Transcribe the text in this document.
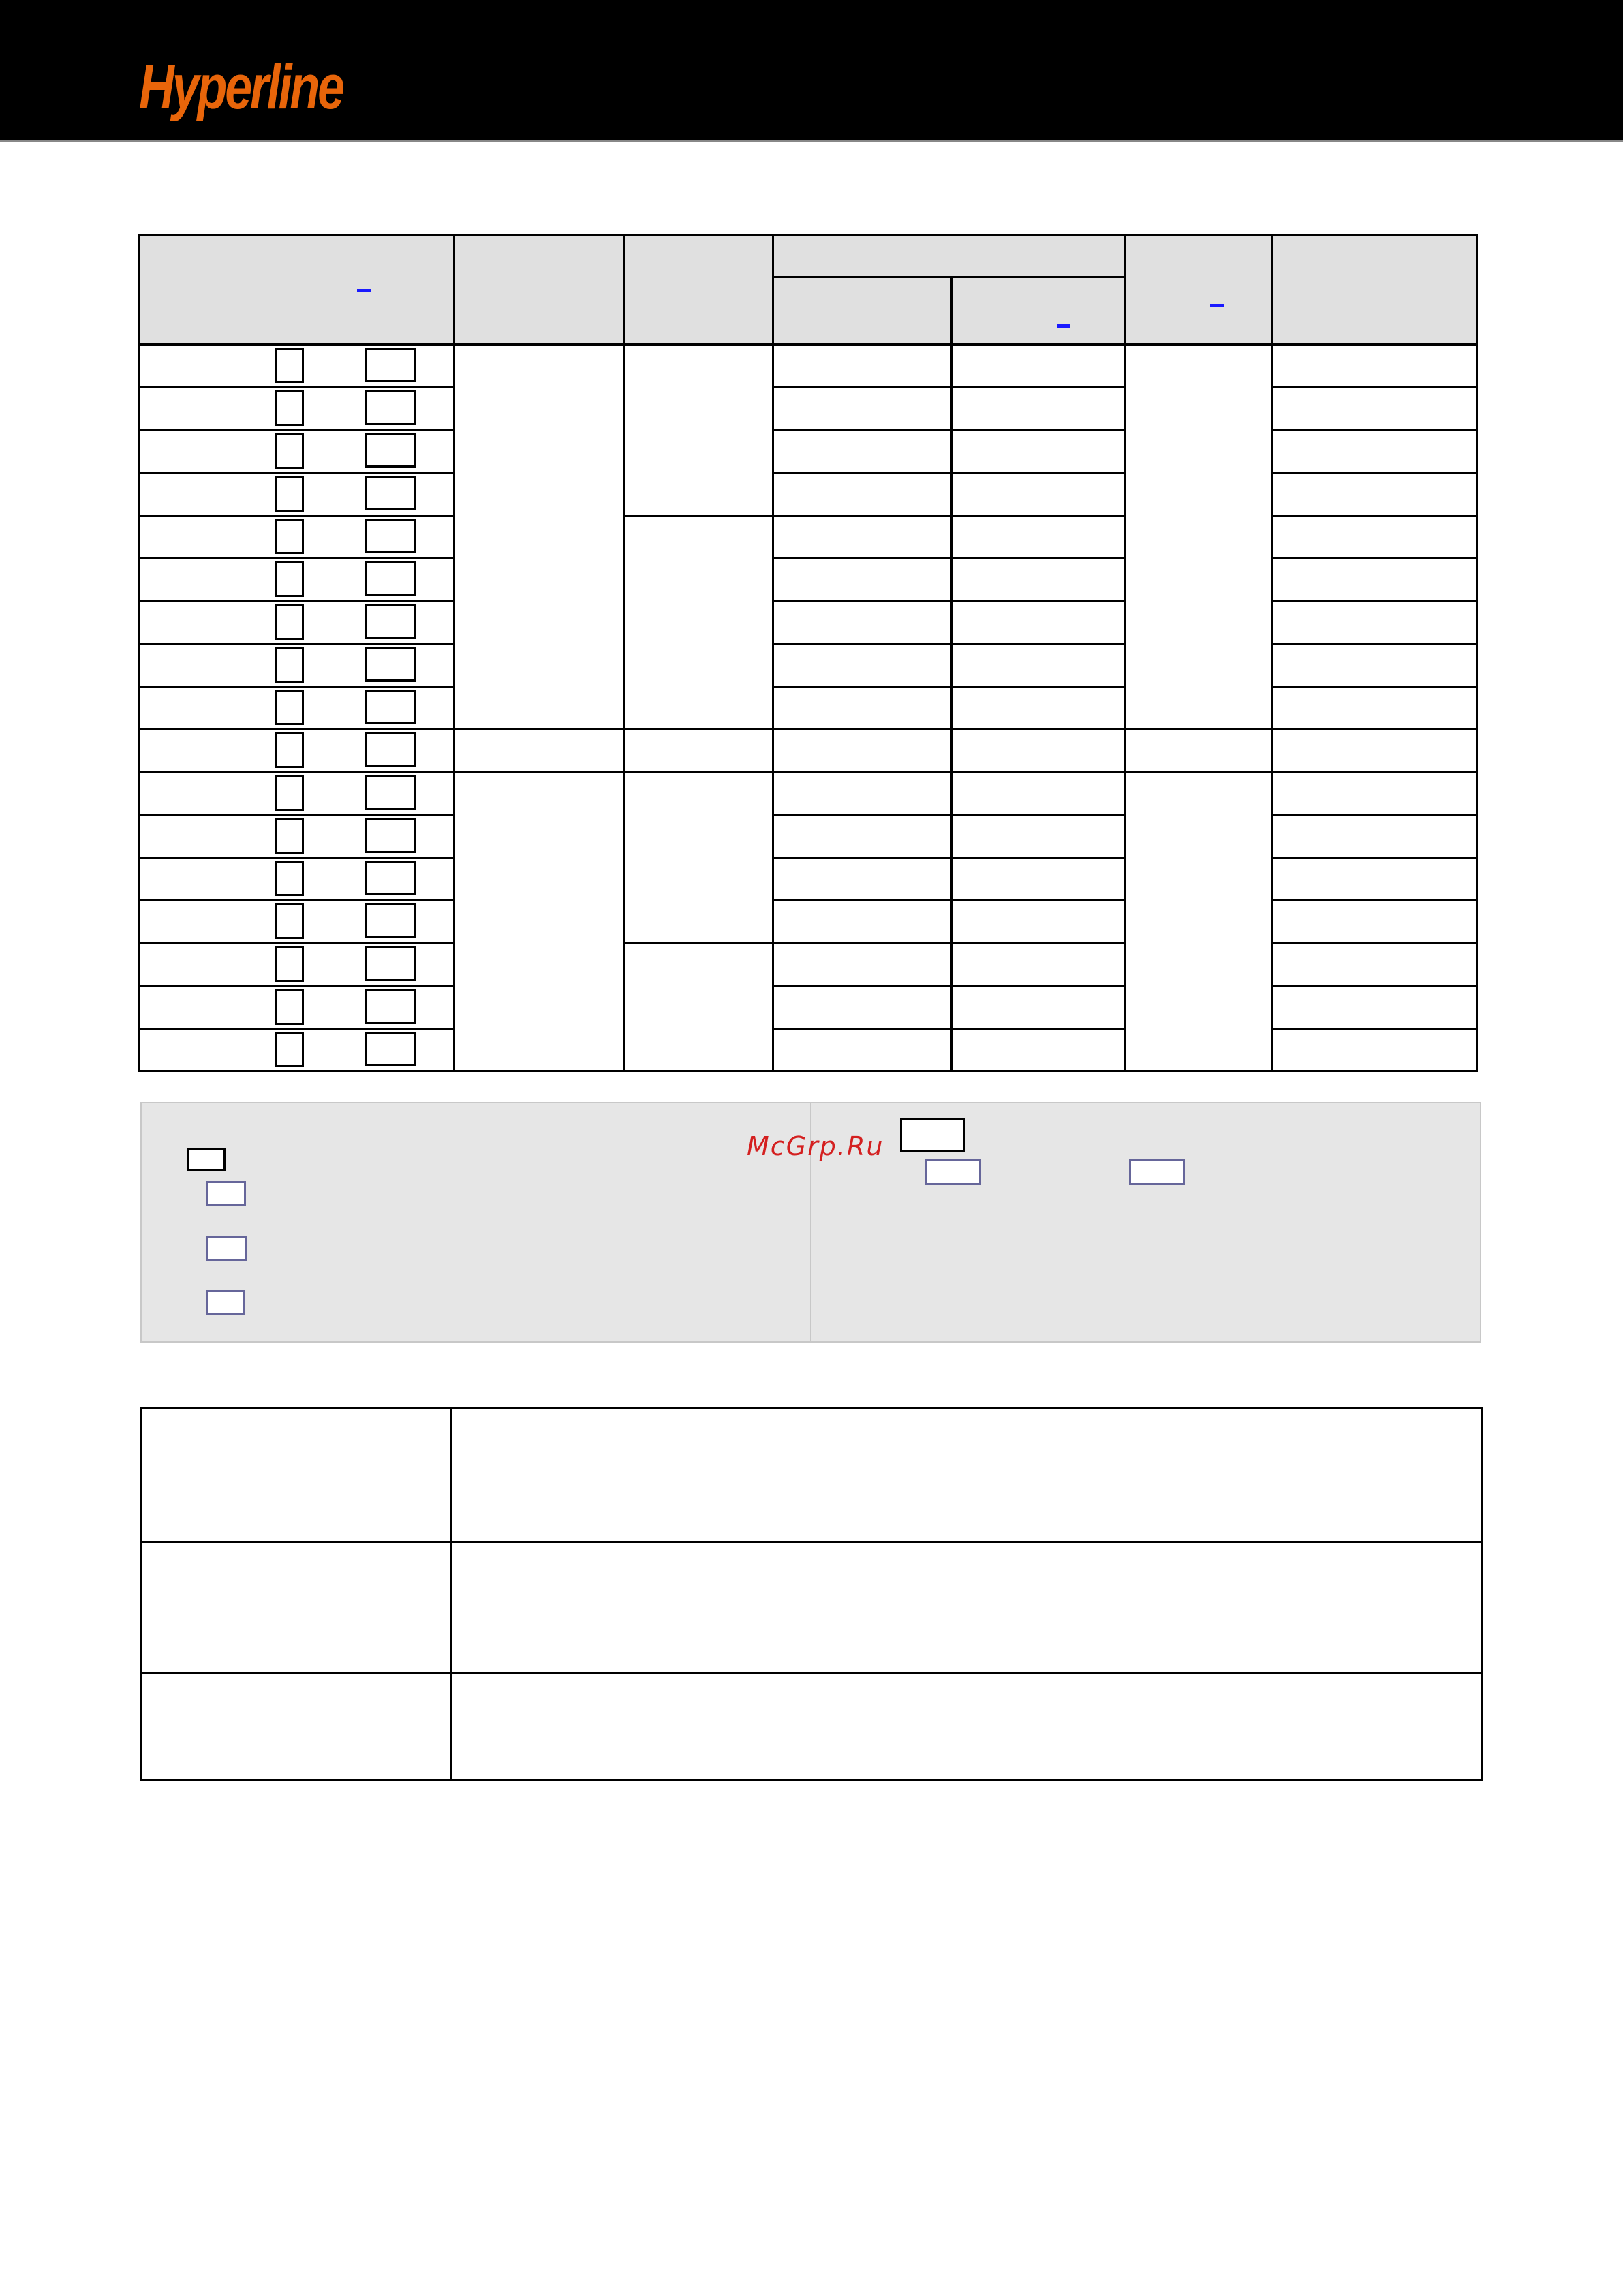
Hyperline
McGrp.Ru
